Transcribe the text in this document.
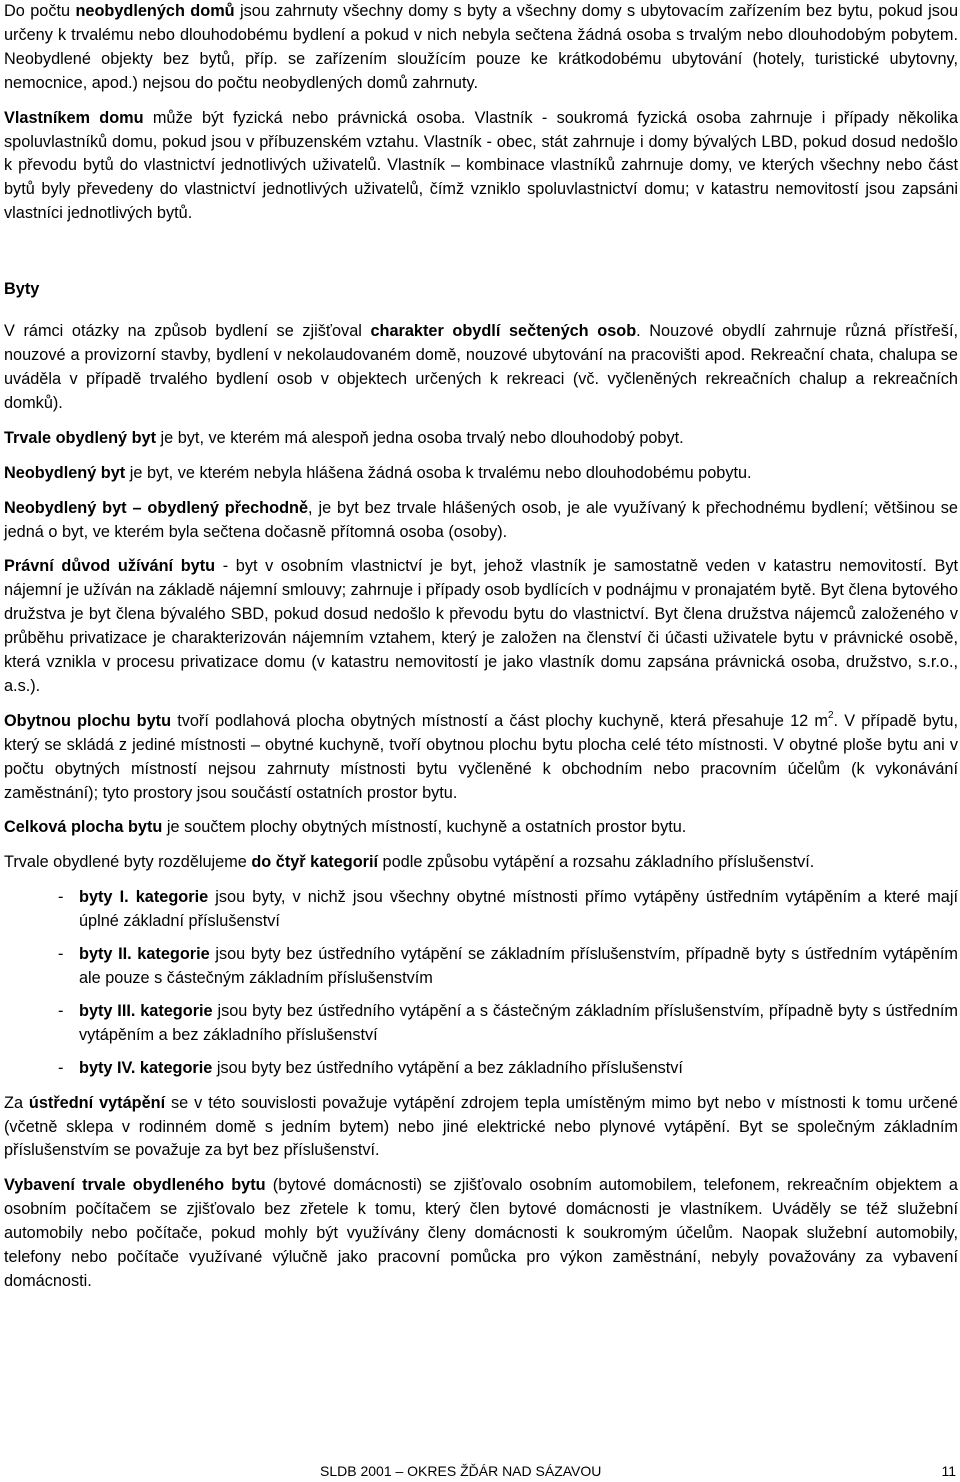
Do počtu neobydlených domů jsou zahrnuty všechny domy s byty a všechny domy s ubytovacím zařízením bez bytu, pokud jsou určeny k trvalému nebo dlouhodobému bydlení a pokud v nich nebyla sečtena žádná osoba s trvalým nebo dlouhodobým pobytem. Neobydlené objekty bez bytů, příp. se zařízením sloužícím pouze ke krátkodobému ubytování (hotely, turistické ubytovny, nemocnice, apod.) nejsou do počtu neobydlených domů zahrnuty.

Vlastníkem domu může být fyzická nebo právnická osoba. Vlastník - soukromá fyzická osoba zahrnuje i případy několika spoluvlastníků domu, pokud jsou v příbuzenském vztahu. Vlastník - obec, stát zahrnuje i domy bývalých LBD, pokud dosud nedošlo k převodu bytů do vlastnictví jednotlivých uživatelů. Vlastník – kombinace vlastníků zahrnuje domy, ve kterých všechny nebo část bytů byly převedeny do vlastnictví jednotlivých uživatelů, čímž vzniklo spoluvlastnictví domu; v katastru nemovitostí jsou zapsáni vlastníci jednotlivých bytů.

Byty

V rámci otázky na způsob bydlení se zjišťoval charakter obydlí sečtených osob. Nouzové obydlí zahrnuje různá přístřeší, nouzové a provizorní stavby, bydlení v nekolaudovaném domě, nouzové ubytování na pracovišti apod. Rekreační chata, chalupa se uváděla v případě trvalého bydlení osob v objektech určených k rekreaci (vč. vyčleněných rekreačních chalup a rekreačních domků).

Trvale obydlený byt je byt, ve kterém má alespoň jedna osoba trvalý nebo dlouhodobý pobyt.

Neobydlený byt je byt, ve kterém nebyla hlášena žádná osoba k trvalému nebo dlouhodobému pobytu.

Neobydlený byt – obydlený přechodně, je byt bez trvale hlášených osob, je ale využívaný k přechodnému bydlení; většinou se jedná o byt, ve kterém byla sečtena dočasně přítomná osoba (osoby).

Právní důvod užívání bytu - byt v osobním vlastnictví je byt, jehož vlastník je samostatně veden v katastru nemovitostí. Byt nájemní je užíván na základě nájemní smlouvy; zahrnuje i případy osob bydlících v podnájmu v pronajatém bytě. Byt člena bytového družstva je byt člena bývalého SBD, pokud dosud nedošlo k převodu bytu do vlastnictví. Byt člena družstva nájemců založeného v průběhu privatizace je charakterizován nájemním vztahem, který je založen na členství či účasti uživatele bytu v právnické osobě, která vznikla v procesu privatizace domu (v katastru nemovitostí je jako vlastník domu zapsána právnická osoba, družstvo, s.r.o., a.s.).

Obytnou plochu bytu tvoří podlahová plocha obytných místností a část plochy kuchyně, která přesahuje 12 $m^2$. V případě bytu, který se skládá z jediné místnosti – obytné kuchyně, tvoří obytnou plochu bytu plocha celé této místnosti. V obytné ploše bytu ani v počtu obytných místností nejsou zahrnuty místnosti bytu vyčleněné k obchodním nebo pracovním účelům (k vykonávání zaměstnání); tyto prostory jsou součástí ostatních prostor bytu.

Celková plocha bytu je součtem plochy obytných místností, kuchyně a ostatních prostor bytu.

Trvale obydlené byty rozdělujeme do čtyř kategorií podle způsobu vytápění a rozsahu základního příslušenství.

- byty I. kategorie jsou byty, v nichž jsou všechny obytné místnosti přímo vytápěny ústředním vytápěním a které mají úplné základní příslušenství
- byty II. kategorie jsou byty bez ústředního vytápění se základním příslušenstvím, případně byty s ústředním vytápěním ale pouze s částečným základním příslušenstvím
- byty III. kategorie jsou byty bez ústředního vytápění a s částečným základním příslušenstvím, případně byty s ústředním vytápěním a bez základního příslušenství
- byty IV. kategorie jsou byty bez ústředního vytápění a bez základního příslušenství

Za ústřední vytápění se v této souvislosti považuje vytápění zdrojem tepla umístěným mimo byt nebo v místnosti k tomu určené (včetně sklepa v rodinném domě s jedním bytem) nebo jiné elektrické nebo plynové vytápění. Byt se společným základním příslušenstvím se považuje za byt bez příslušenství.

Vybavení trvale obydleného bytu (bytové domácnosti) se zjišťovalo osobním automobilem, telefonem, rekreačním objektem a osobním počítačem se zjišťovalo bez zřetele k tomu, který člen bytové domácnosti je vlastníkem. Uváděly se též služební automobily nebo počítače, pokud mohly být využívány členy domácnosti k soukromým účelům. Naopak služební automobily, telefony nebo počítače využívané výlučně jako pracovní pomůcka pro výkon zaměstnání, nebyly považovány za vybavení domácnosti.

SLDB 2001 – OKRES ŽĎÁR NAD SÁZAVOU	11
